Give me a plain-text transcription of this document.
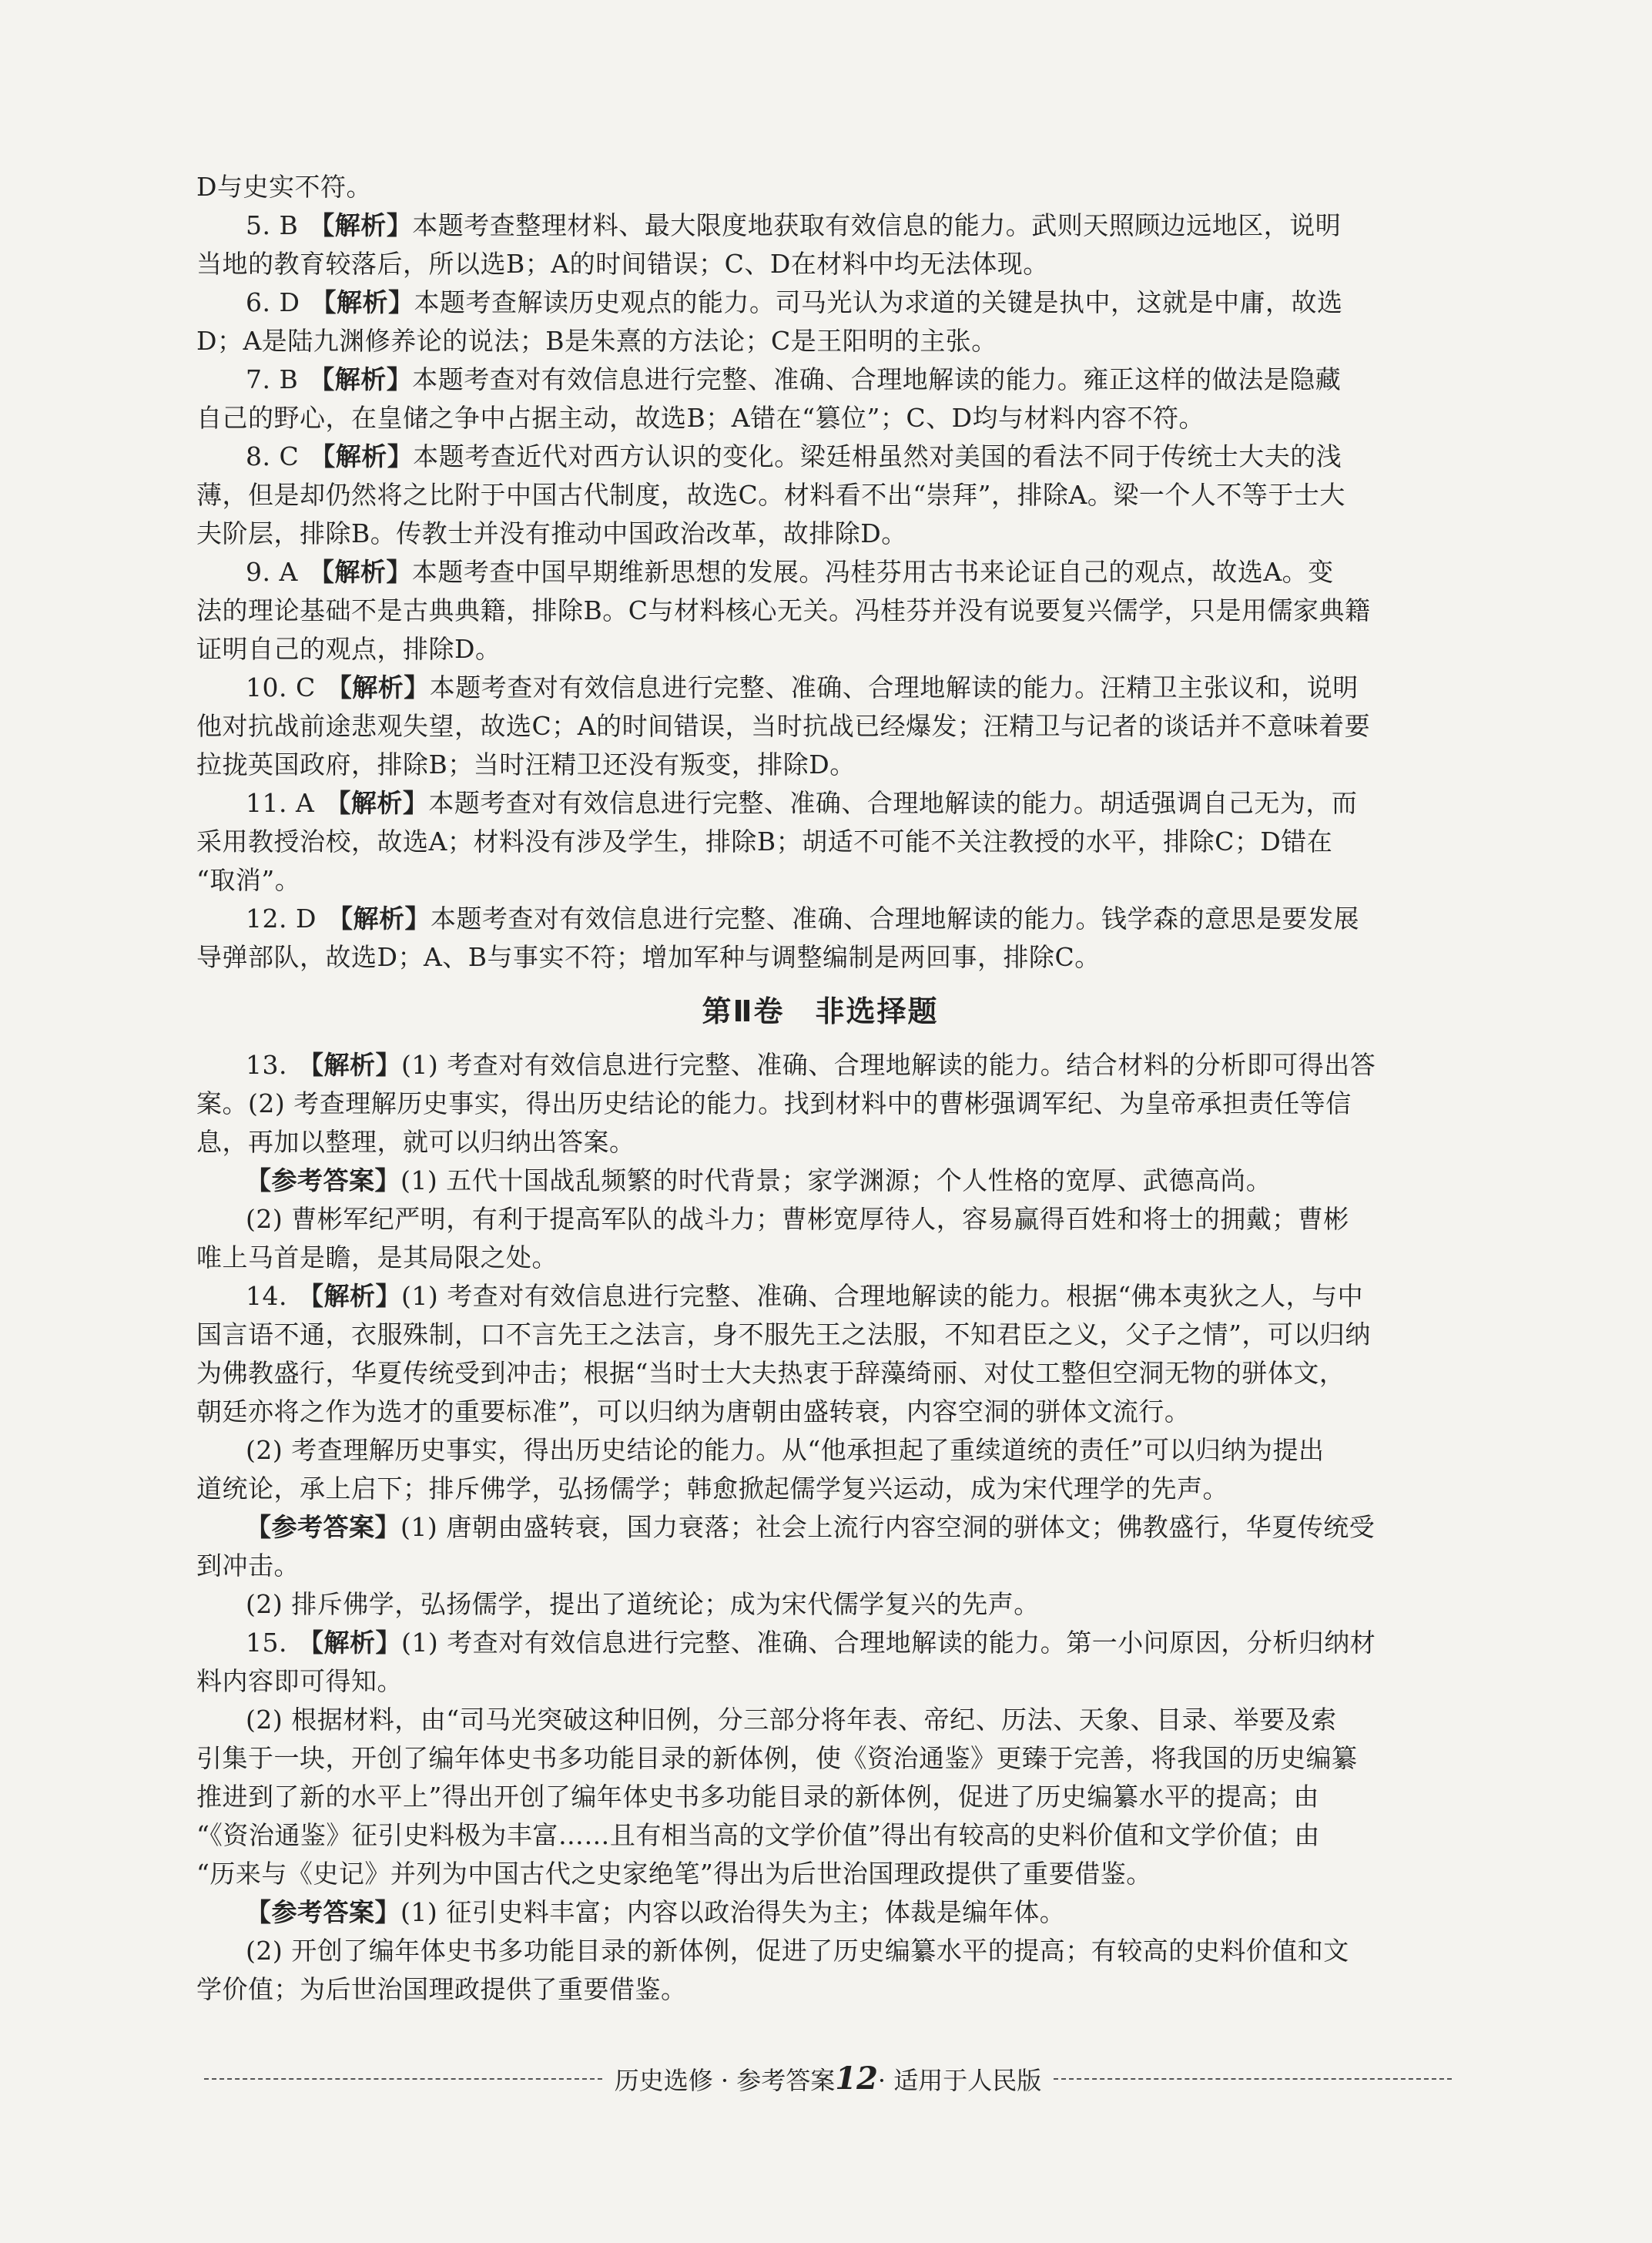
D与史实不符。
5. B 【解析】本题考查整理材料、最大限度地获取有效信息的能力。武则天照顾边远地区，说明
当地的教育较落后，所以选B；A的时间错误；C、D在材料中均无法体现。
6. D 【解析】本题考查解读历史观点的能力。司马光认为求道的关键是执中，这就是中庸，故选
D；A是陆九渊修养论的说法；B是朱熹的方法论；C是王阳明的主张。
7. B 【解析】本题考查对有效信息进行完整、准确、合理地解读的能力。雍正这样的做法是隐藏
自己的野心，在皇储之争中占据主动，故选B；A错在“篡位”；C、D均与材料内容不符。
8. C 【解析】本题考查近代对西方认识的变化。梁廷枏虽然对美国的看法不同于传统士大夫的浅
薄，但是却仍然将之比附于中国古代制度，故选C。材料看不出“崇拜”，排除A。梁一个人不等于士大
夫阶层，排除B。传教士并没有推动中国政治改革，故排除D。
9. A 【解析】本题考查中国早期维新思想的发展。冯桂芬用古书来论证自己的观点，故选A。变
法的理论基础不是古典典籍，排除B。C与材料核心无关。冯桂芬并没有说要复兴儒学，只是用儒家典籍
证明自己的观点，排除D。
10. C 【解析】本题考查对有效信息进行完整、准确、合理地解读的能力。汪精卫主张议和，说明
他对抗战前途悲观失望，故选C；A的时间错误，当时抗战已经爆发；汪精卫与记者的谈话并不意味着要
拉拢英国政府，排除B；当时汪精卫还没有叛变，排除D。
11. A 【解析】本题考查对有效信息进行完整、准确、合理地解读的能力。胡适强调自己无为，而
采用教授治校，故选A；材料没有涉及学生，排除B；胡适不可能不关注教授的水平，排除C；D错在
“取消”。
12. D 【解析】本题考查对有效信息进行完整、准确、合理地解读的能力。钱学森的意思是要发展
导弹部队，故选D；A、B与事实不符；增加军种与调整编制是两回事，排除C。
第Ⅱ卷　非选择题
13. 【解析】(1) 考查对有效信息进行完整、准确、合理地解读的能力。结合材料的分析即可得出答
案。(2) 考查理解历史事实，得出历史结论的能力。找到材料中的曹彬强调军纪、为皇帝承担责任等信
息，再加以整理，就可以归纳出答案。
【参考答案】(1) 五代十国战乱频繁的时代背景；家学渊源；个人性格的宽厚、武德高尚。
(2) 曹彬军纪严明，有利于提高军队的战斗力；曹彬宽厚待人，容易赢得百姓和将士的拥戴；曹彬
唯上马首是瞻，是其局限之处。
14. 【解析】(1) 考查对有效信息进行完整、准确、合理地解读的能力。根据“佛本夷狄之人，与中
国言语不通，衣服殊制，口不言先王之法言，身不服先王之法服，不知君臣之义，父子之情”，可以归纳
为佛教盛行，华夏传统受到冲击；根据“当时士大夫热衷于辞藻绮丽、对仗工整但空洞无物的骈体文，
朝廷亦将之作为选才的重要标准”，可以归纳为唐朝由盛转衰，内容空洞的骈体文流行。
(2) 考查理解历史事实，得出历史结论的能力。从“他承担起了重续道统的责任”可以归纳为提出
道统论，承上启下；排斥佛学，弘扬儒学；韩愈掀起儒学复兴运动，成为宋代理学的先声。
【参考答案】(1) 唐朝由盛转衰，国力衰落；社会上流行内容空洞的骈体文；佛教盛行，华夏传统受
到冲击。
(2) 排斥佛学，弘扬儒学，提出了道统论；成为宋代儒学复兴的先声。
15. 【解析】(1) 考查对有效信息进行完整、准确、合理地解读的能力。第一小问原因，分析归纳材
料内容即可得知。
(2) 根据材料，由“司马光突破这种旧例，分三部分将年表、帝纪、历法、天象、目录、举要及索
引集于一块，开创了编年体史书多功能目录的新体例，使《资治通鉴》更臻于完善，将我国的历史编纂
推进到了新的水平上”得出开创了编年体史书多功能目录的新体例，促进了历史编纂水平的提高；由
“《资治通鉴》征引史料极为丰富……且有相当高的文学价值”得出有较高的史料价值和文学价值；由
“历来与《史记》并列为中国古代之史家绝笔”得出为后世治国理政提供了重要借鉴。
【参考答案】(1) 征引史料丰富；内容以政治得失为主；体裁是编年体。
(2) 开创了编年体史书多功能目录的新体例，促进了历史编纂水平的提高；有较高的史料价值和文
学价值；为后世治国理政提供了重要借鉴。
历史选修 · 参考答案12· 适用于人民版
